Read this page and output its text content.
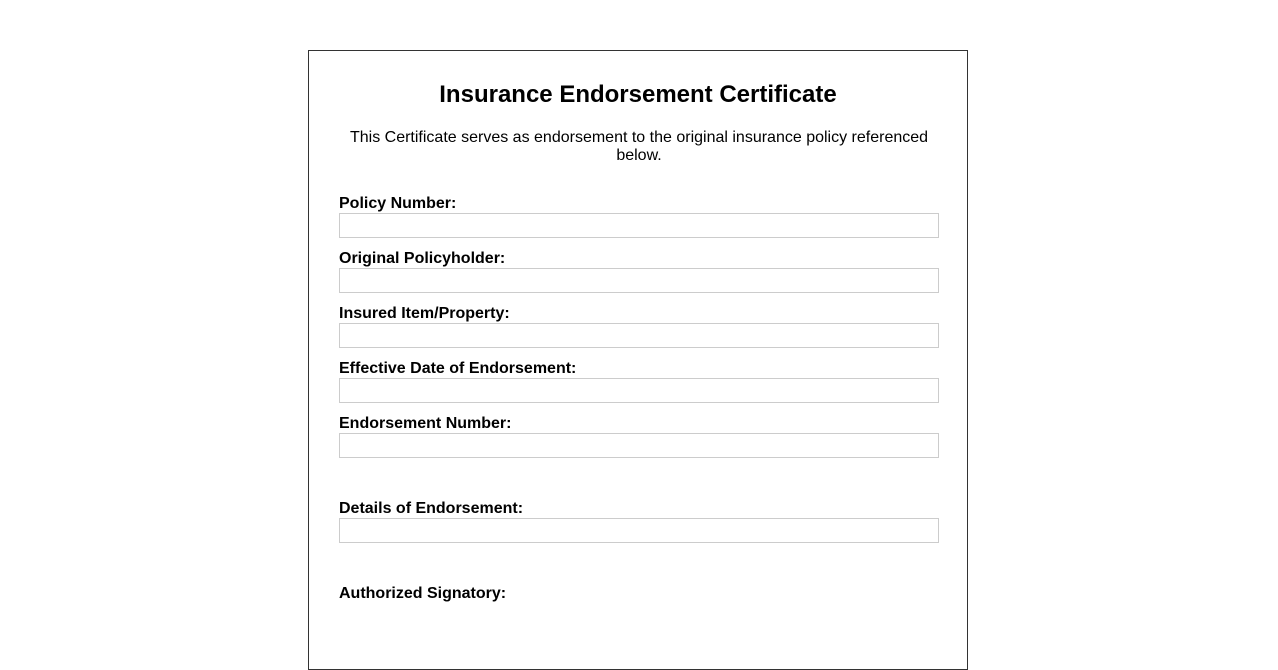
Insurance Endorsement Certificate

This Certificate serves as endorsement to the original insurance policy referenced below.

Policy Number:
Original Policyholder:
Insured Item/Property:
Effective Date of Endorsement:
Endorsement Number:
Details of Endorsement:
Authorized Signatory:
